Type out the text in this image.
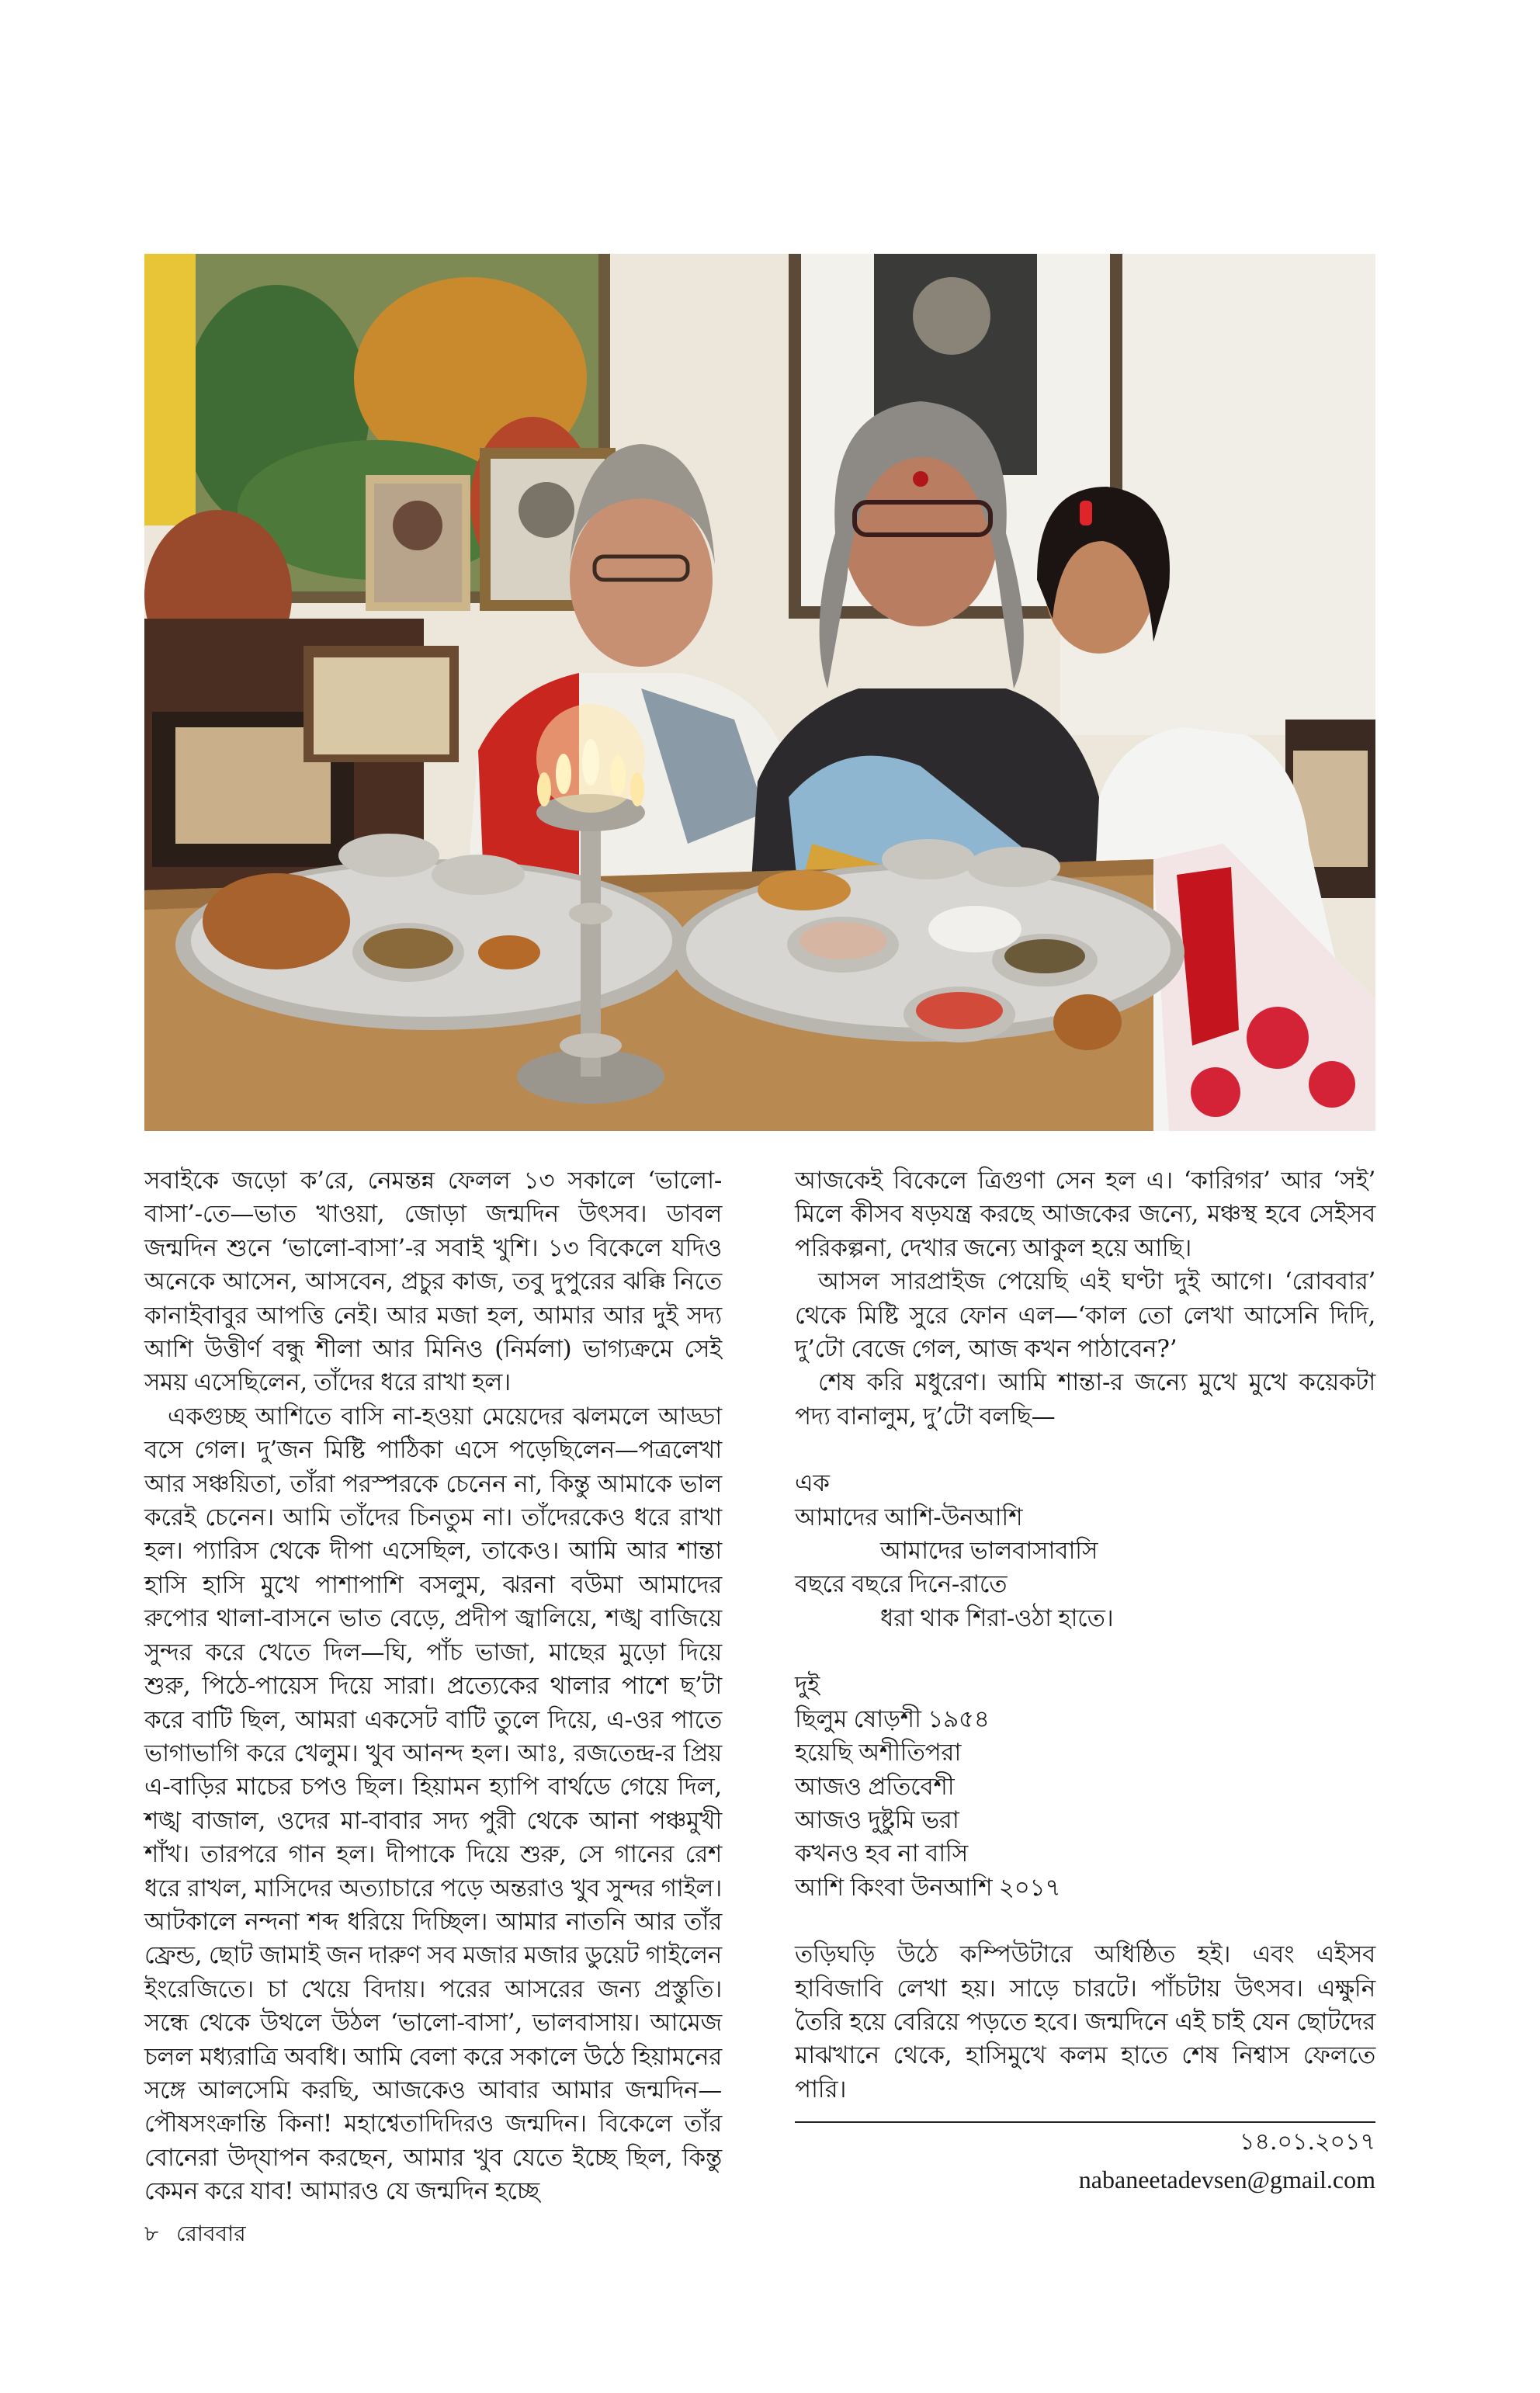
সবাইকে জড়ো ক’রে, নেমন্তন্ন ফেলল ১৩ সকালে ‘ভালো-বাসা’-তে—ভাত খাওয়া, জোড়া জন্মদিন উৎসব। ডাবল জন্মদিন শুনে ‘ভালো-বাসা’-র সবাই খুশি। ১৩ বিকেলে যদিও অনেকে আসেন, আসবেন, প্রচুর কাজ, তবু দুপুরের ঝক্কি নিতে কানাইবাবুর আপত্তি নেই। আর মজা হল, আমার আর দুই সদ্য আশি উত্তীর্ণ বন্ধু শীলা আর মিনিও (নির্মলা) ভাগ্যক্রমে সেই সময় এসেছিলেন, তাঁদের ধরে রাখা হল।

একগুচ্ছ আশিতে বাসি না-হওয়া মেয়েদের ঝলমলে আড্ডা বসে গেল। দু’জন মিষ্টি পাঠিকা এসে পড়েছিলেন—পত্রলেখা আর সঞ্চয়িতা, তাঁরা পরস্পরকে চেনেন না, কিন্তু আমাকে ভাল করেই চেনেন। আমি তাঁদের চিনতুম না। তাঁদেরকেও ধরে রাখা হল। প্যারিস থেকে দীপা এসেছিল, তাকেও। আমি আর শান্তা হাসি হাসি মুখে পাশাপাশি বসলুম, ঝরনা বউমা আমাদের রুপোর থালা-বাসনে ভাত বেড়ে, প্রদীপ জ্বালিয়ে, শঙ্খ বাজিয়ে সুন্দর করে খেতে দিল—ঘি, পাঁচ ভাজা, মাছের মুড়ো দিয়ে শুরু, পিঠে-পায়েস দিয়ে সারা। প্রত্যেকের থালার পাশে ছ’টা করে বাটি ছিল, আমরা একসেট বাটি তুলে দিয়ে, এ-ওর পাতে ভাগাভাগি করে খেলুম। খুব আনন্দ হল। আঃ, রজতেন্দ্র-র প্রিয় এ-বাড়ির মাচের চপও ছিল। হিয়ামন হ্যাপি বার্থডে গেয়ে দিল, শঙ্খ বাজাল, ওদের মা-বাবার সদ্য পুরী থেকে আনা পঞ্চমুখী শাঁখ। তারপরে গান হল। দীপাকে দিয়ে শুরু, সে গানের রেশ ধরে রাখল, মাসিদের অত্যাচারে পড়ে অন্তরাও খুব সুন্দর গাইল। আটকালে নন্দনা শব্দ ধরিয়ে দিচ্ছিল। আমার নাতনি আর তাঁর ফ্রেন্ড, ছোট জামাই জন দারুণ সব মজার মজার ডুয়েট গাইলেন ইংরেজিতে। চা খেয়ে বিদায়। পরের আসরের জন্য প্রস্তুতি। সন্ধে থেকে উথলে উঠল ‘ভালো-বাসা’, ভালবাসায়। আমেজ চলল মধ্যরাত্রি অবধি। আমি বেলা করে সকালে উঠে হিয়ামনের সঙ্গে আলসেমি করছি, আজকেও আবার আমার জন্মদিন—পৌষসংক্রান্তি কিনা! মহাশ্বেতাদিদিরও জন্মদিন। বিকেলে তাঁর বোনেরা উদ্‌যাপন করছেন, আমার খুব যেতে ইচ্ছে ছিল, কিন্তু কেমন করে যাব! আমারও যে জন্মদিন হচ্ছে

আজকেই বিকেলে ত্রিগুণা সেন হল এ। ‘কারিগর’ আর ‘সই’ মিলে কীসব ষড়যন্ত্র করছে আজকের জন্যে, মঞ্চস্থ হবে সেইসব পরিকল্পনা, দেখার জন্যে আকুল হয়ে আছি।

আসল সারপ্রাইজ পেয়েছি এই ঘণ্টা দুই আগে। ‘রোববার’ থেকে মিষ্টি সুরে ফোন এল—‘কাল তো লেখা আসেনি দিদি, দু’টো বেজে গেল, আজ কখন পাঠাবেন?’

শেষ করি মধুরেণ। আমি শান্তা-র জন্যে মুখে মুখে কয়েকটা পদ্য বানালুম, দু’টো বলছি—

এক
আমাদের আশি-উনআশি
আমাদের ভালবাসাবাসি
বছরে বছরে দিনে-রাতে
ধরা থাক শিরা-ওঠা হাতে।
দুই
ছিলুম ষোড়শী ১৯৫৪
হয়েছি অশীতিপরা
আজও প্রতিবেশী
আজও দুষ্টুমি ভরা
কখনও হব না বাসি
আশি কিংবা উনআশি ২০১৭

তড়িঘড়ি উঠে কম্পিউটারে অধিষ্ঠিত হই। এবং এইসব হাবিজাবি লেখা হয়। সাড়ে চারটে। পাঁচটায় উৎসব। এক্ষুনি তৈরি হয়ে বেরিয়ে পড়তে হবে। জন্মদিনে এই চাই যেন ছোটদের মাঝখানে থেকে, হাসিমুখে কলম হাতে শেষ নিশ্বাস ফেলতে পারি।

১৪.০১.২০১৭
nabaneetadevsen@gmail.com
৮ রোববার
